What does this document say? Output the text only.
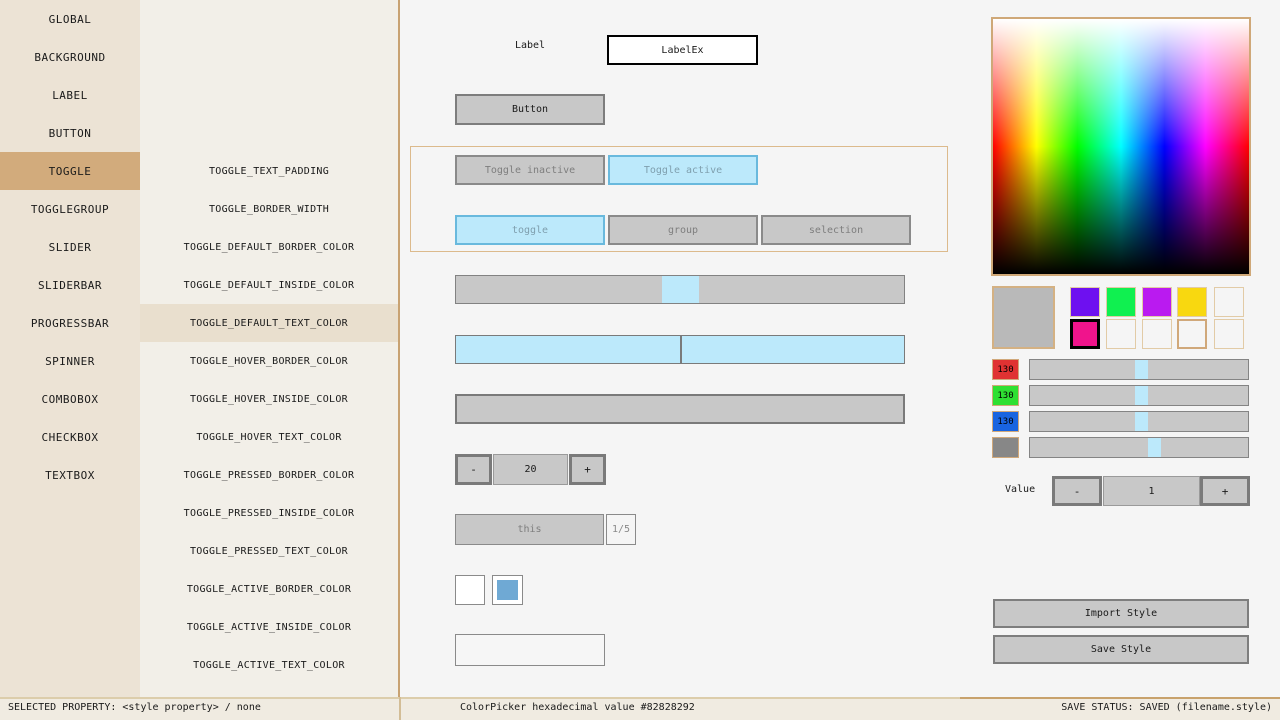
GLOBAL
BACKGROUND
LABEL
BUTTON
TOGGLE
TOGGLEGROUP
SLIDER
SLIDERBAR
PROGRESSBAR
SPINNER
COMBOBOX
CHECKBOX
TEXTBOX
TOGGLE_TEXT_PADDING
TOGGLE_BORDER_WIDTH
TOGGLE_DEFAULT_BORDER_COLOR
TOGGLE_DEFAULT_INSIDE_COLOR
TOGGLE_DEFAULT_TEXT_COLOR
TOGGLE_HOVER_BORDER_COLOR
TOGGLE_HOVER_INSIDE_COLOR
TOGGLE_HOVER_TEXT_COLOR
TOGGLE_PRESSED_BORDER_COLOR
TOGGLE_PRESSED_INSIDE_COLOR
TOGGLE_PRESSED_TEXT_COLOR
TOGGLE_ACTIVE_BORDER_COLOR
TOGGLE_ACTIVE_INSIDE_COLOR
TOGGLE_ACTIVE_TEXT_COLOR
Label	LabelEx
Button
Toggle inactive	Toggle active
toggle	group	selection
-	20	+
this	1/5
130
130
130
Value	-	1	+
Import Style
Save Style
SELECTED PROPERTY: <style property> / none	ColorPicker hexadecimal value #82828292	SAVE STATUS: SAVED (filename.style)
